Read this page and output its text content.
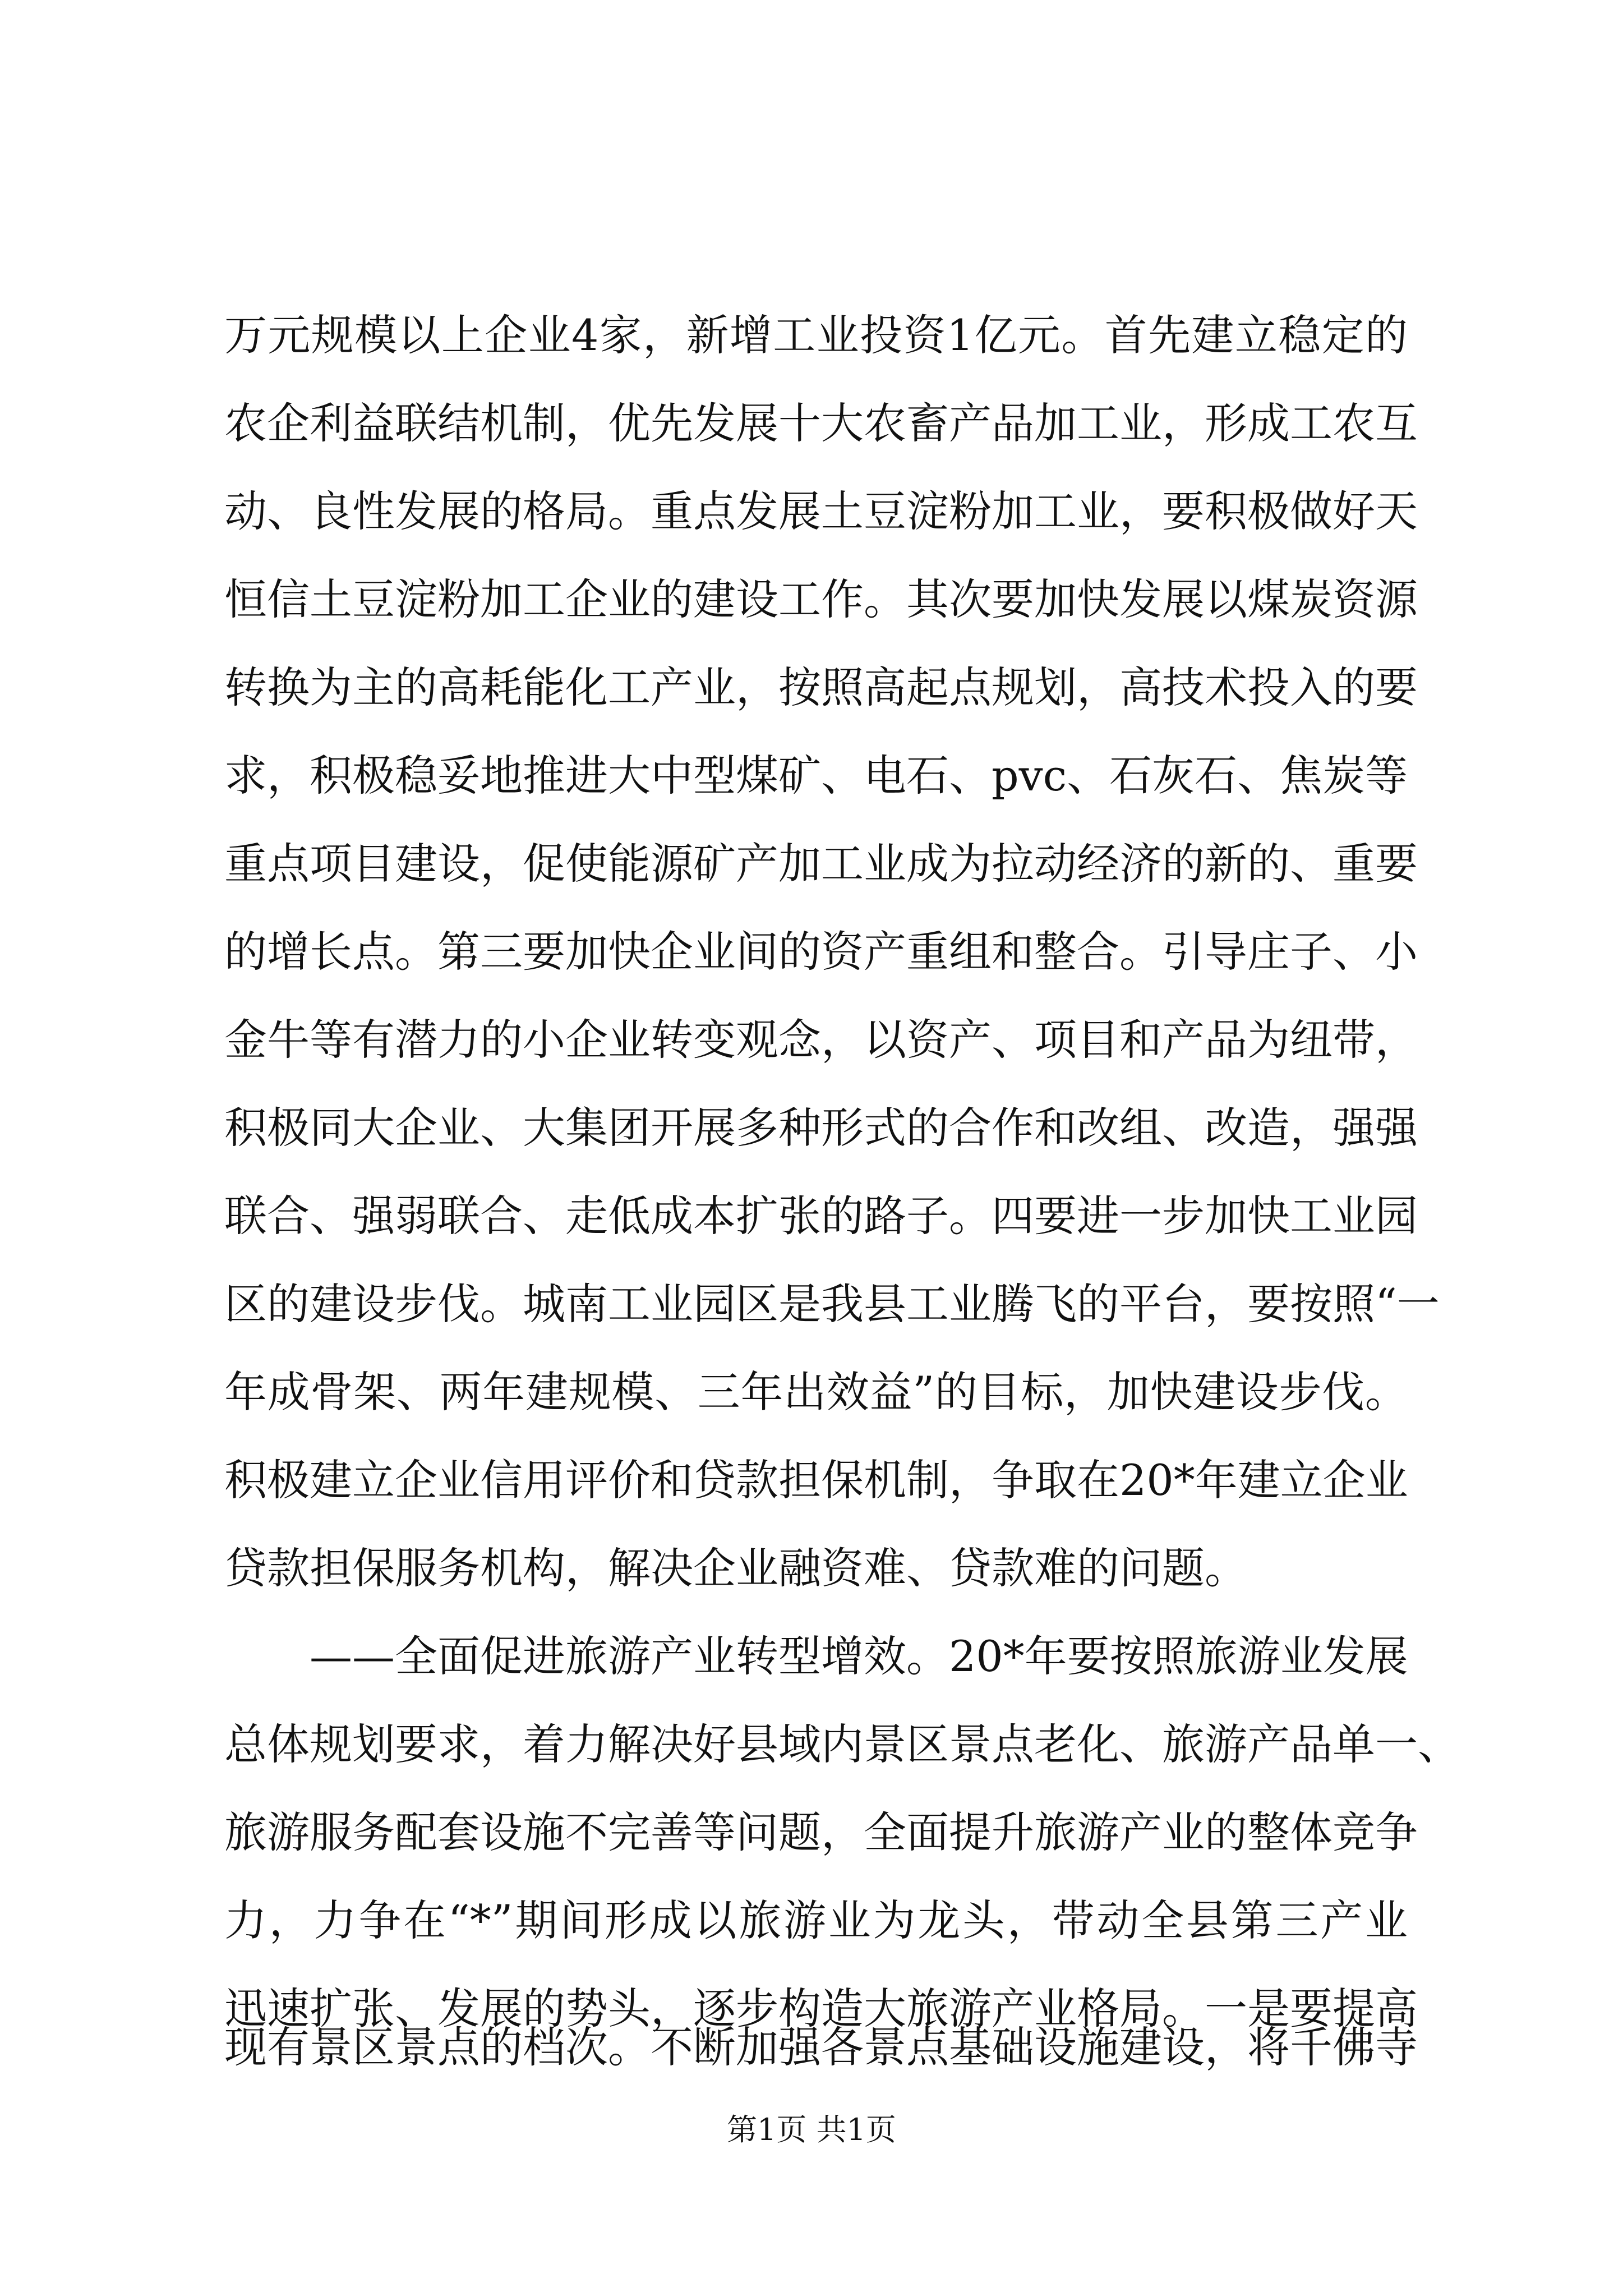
万元规模以上企业4家，新增工业投资1亿元。首先建立稳定的
农企利益联结机制，优先发展十大农畜产品加工业，形成工农互
动、良性发展的格局。重点发展土豆淀粉加工业，要积极做好天
恒信土豆淀粉加工企业的建设工作。其次要加快发展以煤炭资源
转换为主的高耗能化工产业，按照高起点规划，高技术投入的要
求，积极稳妥地推进大中型煤矿、电石、pvc、石灰石、焦炭等
重点项目建设，促使能源矿产加工业成为拉动经济的新的、重要
的增长点。第三要加快企业间的资产重组和整合。引导庄子、小
金牛等有潜力的小企业转变观念，以资产、项目和产品为纽带，
积极同大企业、大集团开展多种形式的合作和改组、改造，强强
联合、强弱联合、走低成本扩张的路子。四要进一步加快工业园
区的建设步伐。城南工业园区是我县工业腾飞的平台，要按照“一
年成骨架、两年建规模、三年出效益”的目标，加快建设步伐。
积极建立企业信用评价和贷款担保机制，争取在20*年建立企业
贷款担保服务机构，解决企业融资难、贷款难的问题。
　　——全面促进旅游产业转型增效。20*年要按照旅游业发展
总体规划要求，着力解决好县域内景区景点老化、旅游产品单一、
旅游服务配套设施不完善等问题，全面提升旅游产业的整体竞争
力，力争在“*”期间形成以旅游业为龙头，带动全县第三产业
迅速扩张、发展的势头，逐步构造大旅游产业格局。一是要提高
现有景区景点的档次。不断加强各景点基础设施建设，将千佛寺
第1页 共1页
